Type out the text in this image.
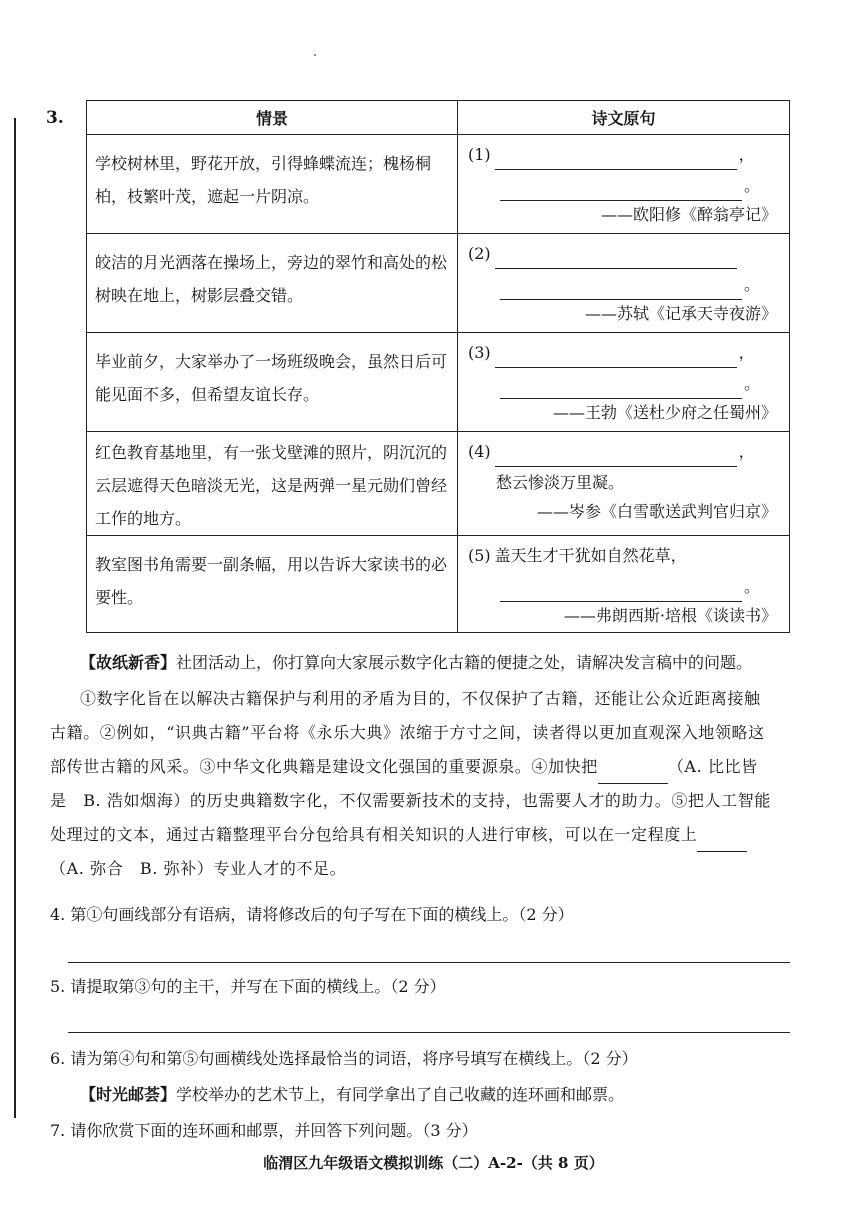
3.	情景	诗文原句

学校树林里，野花开放，引得蜂蝶流连；槐杨桐柏，枝繁叶茂，遮起一片阴凉。	(1) ，
。
——欧阳修《醉翁亭记》

皎洁的月光洒落在操场上，旁边的翠竹和高处的松树映在地上，树影层叠交错。	(2)
。
——苏轼《记承天寺夜游》

毕业前夕，大家举办了一场班级晚会，虽然日后可能见面不多，但希望友谊长存。	(3) ，
。
——王勃《送杜少府之任蜀州》

红色教育基地里，有一张戈壁滩的照片，阴沉沉的云层遮得天色暗淡无光，这是两弹一星元勋们曾经工作的地方。	(4) ，
愁云惨淡万里凝。
——岑参《白雪歌送武判官归京》

教室图书角需要一副条幅，用以告诉大家读书的必要性。	(5) 盖天生才干犹如自然花草，
。
——弗朗西斯·培根《谈读书》
【故纸新香】社团活动上，你打算向大家展示数字化古籍的便捷之处，请解决发言稿中的问题。
①数字化旨在以解决古籍保护与利用的矛盾为目的，不仅保护了古籍，还能让公众近距离接触
古籍。②例如，“识典古籍”平台将《永乐大典》浓缩于方寸之间，读者得以更加直观深入地领略这
部传世古籍的风采。③中华文化典籍是建设文化强国的重要源泉。④加快把	（A. 比比皆
是　B. 浩如烟海）的历史典籍数字化，不仅需要新技术的支持，也需要人才的助力。⑤把人工智能
处理过的文本，通过古籍整理平台分包给具有相关知识的人进行审核，可以在一定程度上
（A. 弥合　B. 弥补）专业人才的不足。
4. 第①句画线部分有语病，请将修改后的句子写在下面的横线上。（2 分）
5. 请提取第③句的主干，并写在下面的横线上。（2 分）
6. 请为第④句和第⑤句画横线处选择最恰当的词语，将序号填写在横线上。（2 分）
【时光邮荟】学校举办的艺术节上，有同学拿出了自己收藏的连环画和邮票。
7. 请你欣赏下面的连环画和邮票，并回答下列问题。（3 分）
临渭区九年级语文模拟训练（二）A-2-（共 8 页）
